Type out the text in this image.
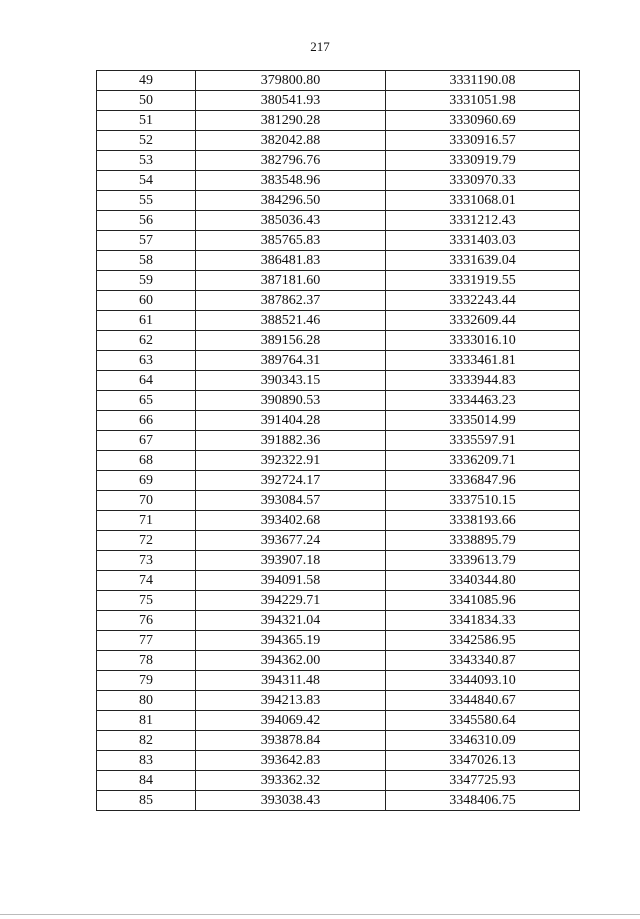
217
49	379800.80	3331190.08
50	380541.93	3331051.98
51	381290.28	3330960.69
52	382042.88	3330916.57
53	382796.76	3330919.79
54	383548.96	3330970.33
55	384296.50	3331068.01
56	385036.43	3331212.43
57	385765.83	3331403.03
58	386481.83	3331639.04
59	387181.60	3331919.55
60	387862.37	3332243.44
61	388521.46	3332609.44
62	389156.28	3333016.10
63	389764.31	3333461.81
64	390343.15	3333944.83
65	390890.53	3334463.23
66	391404.28	3335014.99
67	391882.36	3335597.91
68	392322.91	3336209.71
69	392724.17	3336847.96
70	393084.57	3337510.15
71	393402.68	3338193.66
72	393677.24	3338895.79
73	393907.18	3339613.79
74	394091.58	3340344.80
75	394229.71	3341085.96
76	394321.04	3341834.33
77	394365.19	3342586.95
78	394362.00	3343340.87
79	394311.48	3344093.10
80	394213.83	3344840.67
81	394069.42	3345580.64
82	393878.84	3346310.09
83	393642.83	3347026.13
84	393362.32	3347725.93
85	393038.43	3348406.75
